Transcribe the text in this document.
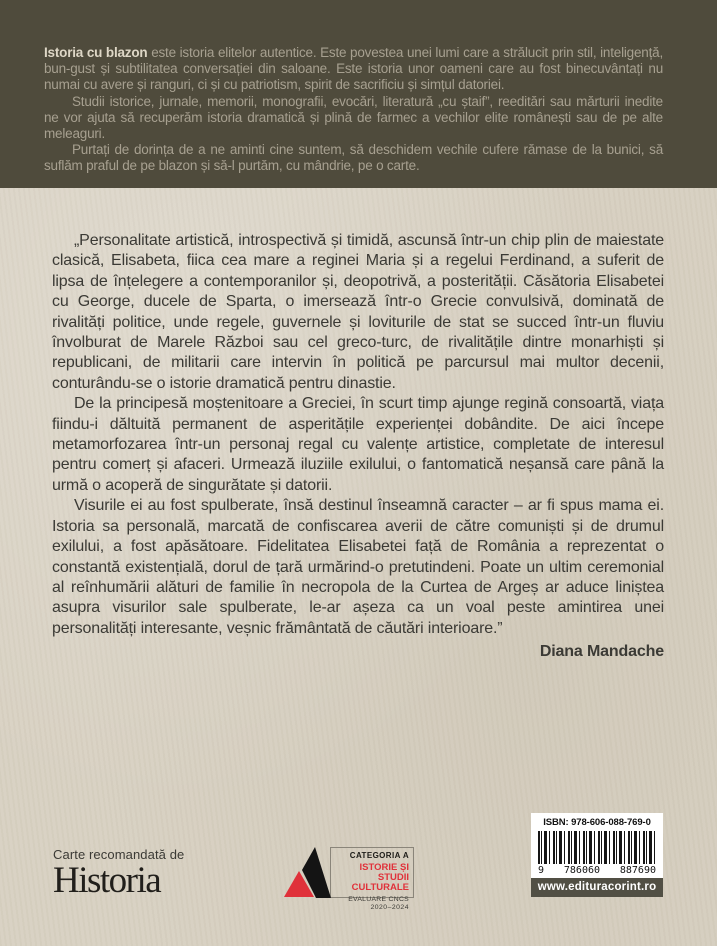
Istoria cu blazon este istoria elitelor autentice. Este povestea unei lumi care a strălucit prin stil, inteligență, bun-gust și subtilitatea conversației din saloane. Este istoria unor oameni care au fost binecuvântați nu numai cu avere și ranguri, ci și cu patriotism, spirit de sacrificiu și simțul datoriei.

Studii istorice, jurnale, memorii, monografii, evocări, literatură „cu ștaif”, reeditări sau mărturii inedite ne vor ajuta să recuperăm istoria dramatică și plină de farmec a vechilor elite românești sau de pe alte meleaguri.

Purtați de dorința de a ne aminti cine suntem, să deschidem vechile cufere rămase de la bunici, să suflăm praful de pe blazon și să-l purtăm, cu mândrie, pe o carte.

„Personalitate artistică, introspectivă și timidă, ascunsă într-un chip plin de maiestate clasică, Elisabeta, fiica cea mare a reginei Maria și a regelui Ferdinand, a suferit de lipsa de înțelegere a contemporanilor și, deopotrivă, a posterității. Căsătoria Elisabetei cu George, ducele de Sparta, o imersează într-o Grecie convulsivă, dominată de rivalități politice, unde regele, guvernele și loviturile de stat se succed într-un fluviu învolburat de Marele Război sau cel greco-turc, de rivalitățile dintre monarhiști și republicani, de militarii care intervin în politică pe parcursul mai multor decenii, conturându-se o istorie dramatică pentru dinastie.

De la principesă moștenitoare a Greciei, în scurt timp ajunge regină consoartă, viața fiindu-i dăltuită permanent de asperitățile experienței dobândite. De aici începe metamorfozarea într-un personaj regal cu valențe artistice, completate de interesul pentru comerț și afaceri. Urmează iluziile exilului, o fantomatică neșansă care până la urmă o acoperă de singurătate și datorii.

Visurile ei au fost spulberate, însă destinul înseamnă caracter – ar fi spus mama ei. Istoria sa personală, marcată de confiscarea averii de către comuniști și de drumul exilului, a fost apăsătoare. Fidelitatea Elisabetei față de România a reprezentat o constantă existențială, dorul de țară urmărind-o pretutindeni. Poate un ultim ceremonial al reînhumării alături de familie în necropola de la Curtea de Argeș ar aduce liniștea asupra visurilor sale spulberate, le-ar așeza ca un voal peste amintirea unei personalități interesante, veșnic frământată de căutări interioare.”

Diana Mandache

Carte recomandată de
Historia
CATEGORIA A
ISTORIE ȘI STUDII
CULTURALE
EVALUARE CNCS
2020–2024
ISBN: 978-606-088-769-0
9 786060 887690
www.edituracorint.ro
